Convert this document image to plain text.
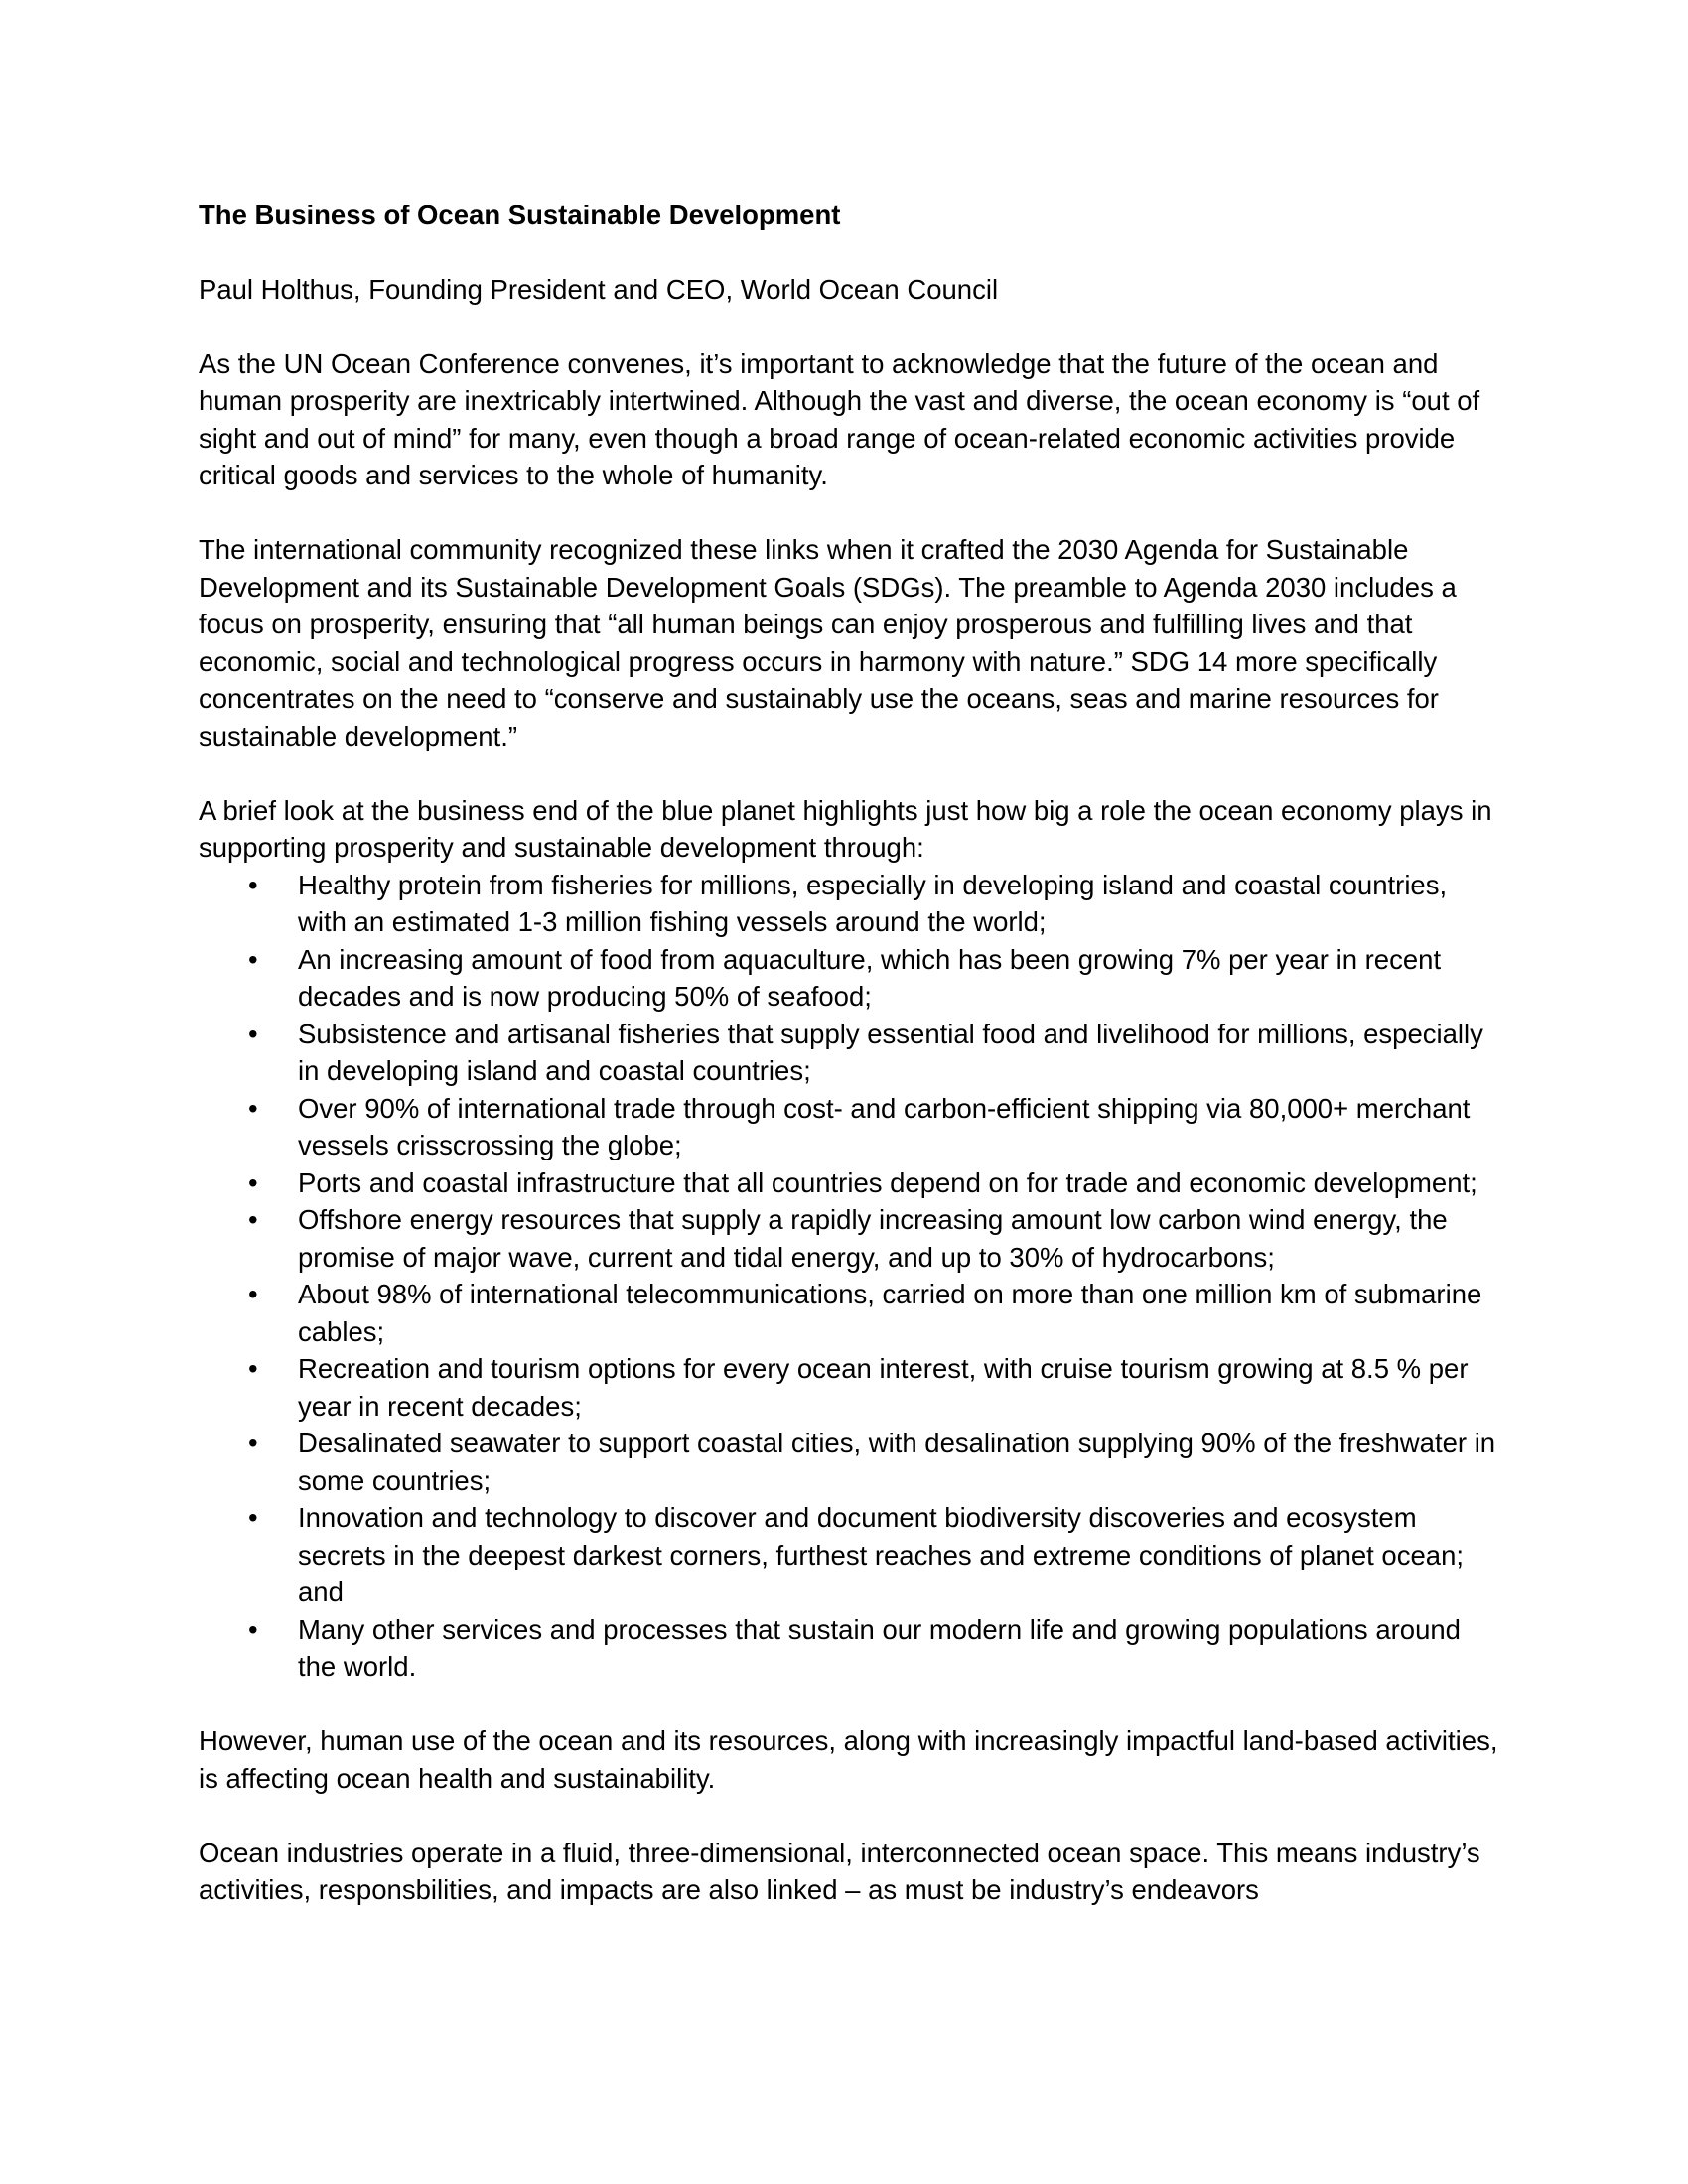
The Business of Ocean Sustainable Development

Paul Holthus, Founding President and CEO, World Ocean Council

As the UN Ocean Conference convenes, it’s important to acknowledge that the future of the ocean and human prosperity are inextricably intertwined. Although the vast and diverse, the ocean economy is “out of sight and out of mind” for many, even though a broad range of ocean-related economic activities provide critical goods and services to the whole of humanity.

The international community recognized these links when it crafted the 2030 Agenda for Sustainable Development and its Sustainable Development Goals (SDGs). The preamble to Agenda 2030 includes a focus on prosperity, ensuring that “all human beings can enjoy prosperous and fulfilling lives and that economic, social and technological progress occurs in harmony with nature.” SDG 14 more specifically concentrates on the need to “conserve and sustainably use the oceans, seas and marine resources for sustainable development.”

A brief look at the business end of the blue planet highlights just how big a role the ocean economy plays in supporting prosperity and sustainable development through:

• Healthy protein from fisheries for millions, especially in developing island and coastal countries, with an estimated 1-3 million fishing vessels around the world;
• An increasing amount of food from aquaculture, which has been growing 7% per year in recent decades and is now producing 50% of seafood;
• Subsistence and artisanal fisheries that supply essential food and livelihood for millions, especially in developing island and coastal countries;
• Over 90% of international trade through cost- and carbon-efficient shipping via 80,000+ merchant vessels crisscrossing the globe;
• Ports and coastal infrastructure that all countries depend on for trade and economic development;
• Offshore energy resources that supply a rapidly increasing amount low carbon wind energy, the promise of major wave, current and tidal energy, and up to 30% of hydrocarbons;
• About 98% of international telecommunications, carried on more than one million km of submarine cables;
• Recreation and tourism options for every ocean interest, with cruise tourism growing at 8.5 % per year in recent decades;
• Desalinated seawater to support coastal cities, with desalination supplying 90% of the freshwater in some countries;
• Innovation and technology to discover and document biodiversity discoveries and ecosystem secrets in the deepest darkest corners, furthest reaches and extreme conditions of planet ocean; and
• Many other services and processes that sustain our modern life and growing populations around the world.

However, human use of the ocean and its resources, along with increasingly impactful land-based activities, is affecting ocean health and sustainability.

Ocean industries operate in a fluid, three-dimensional, interconnected ocean space. This means industry’s activities, responsbilities, and impacts are also linked – as must be industry’s endeavors
